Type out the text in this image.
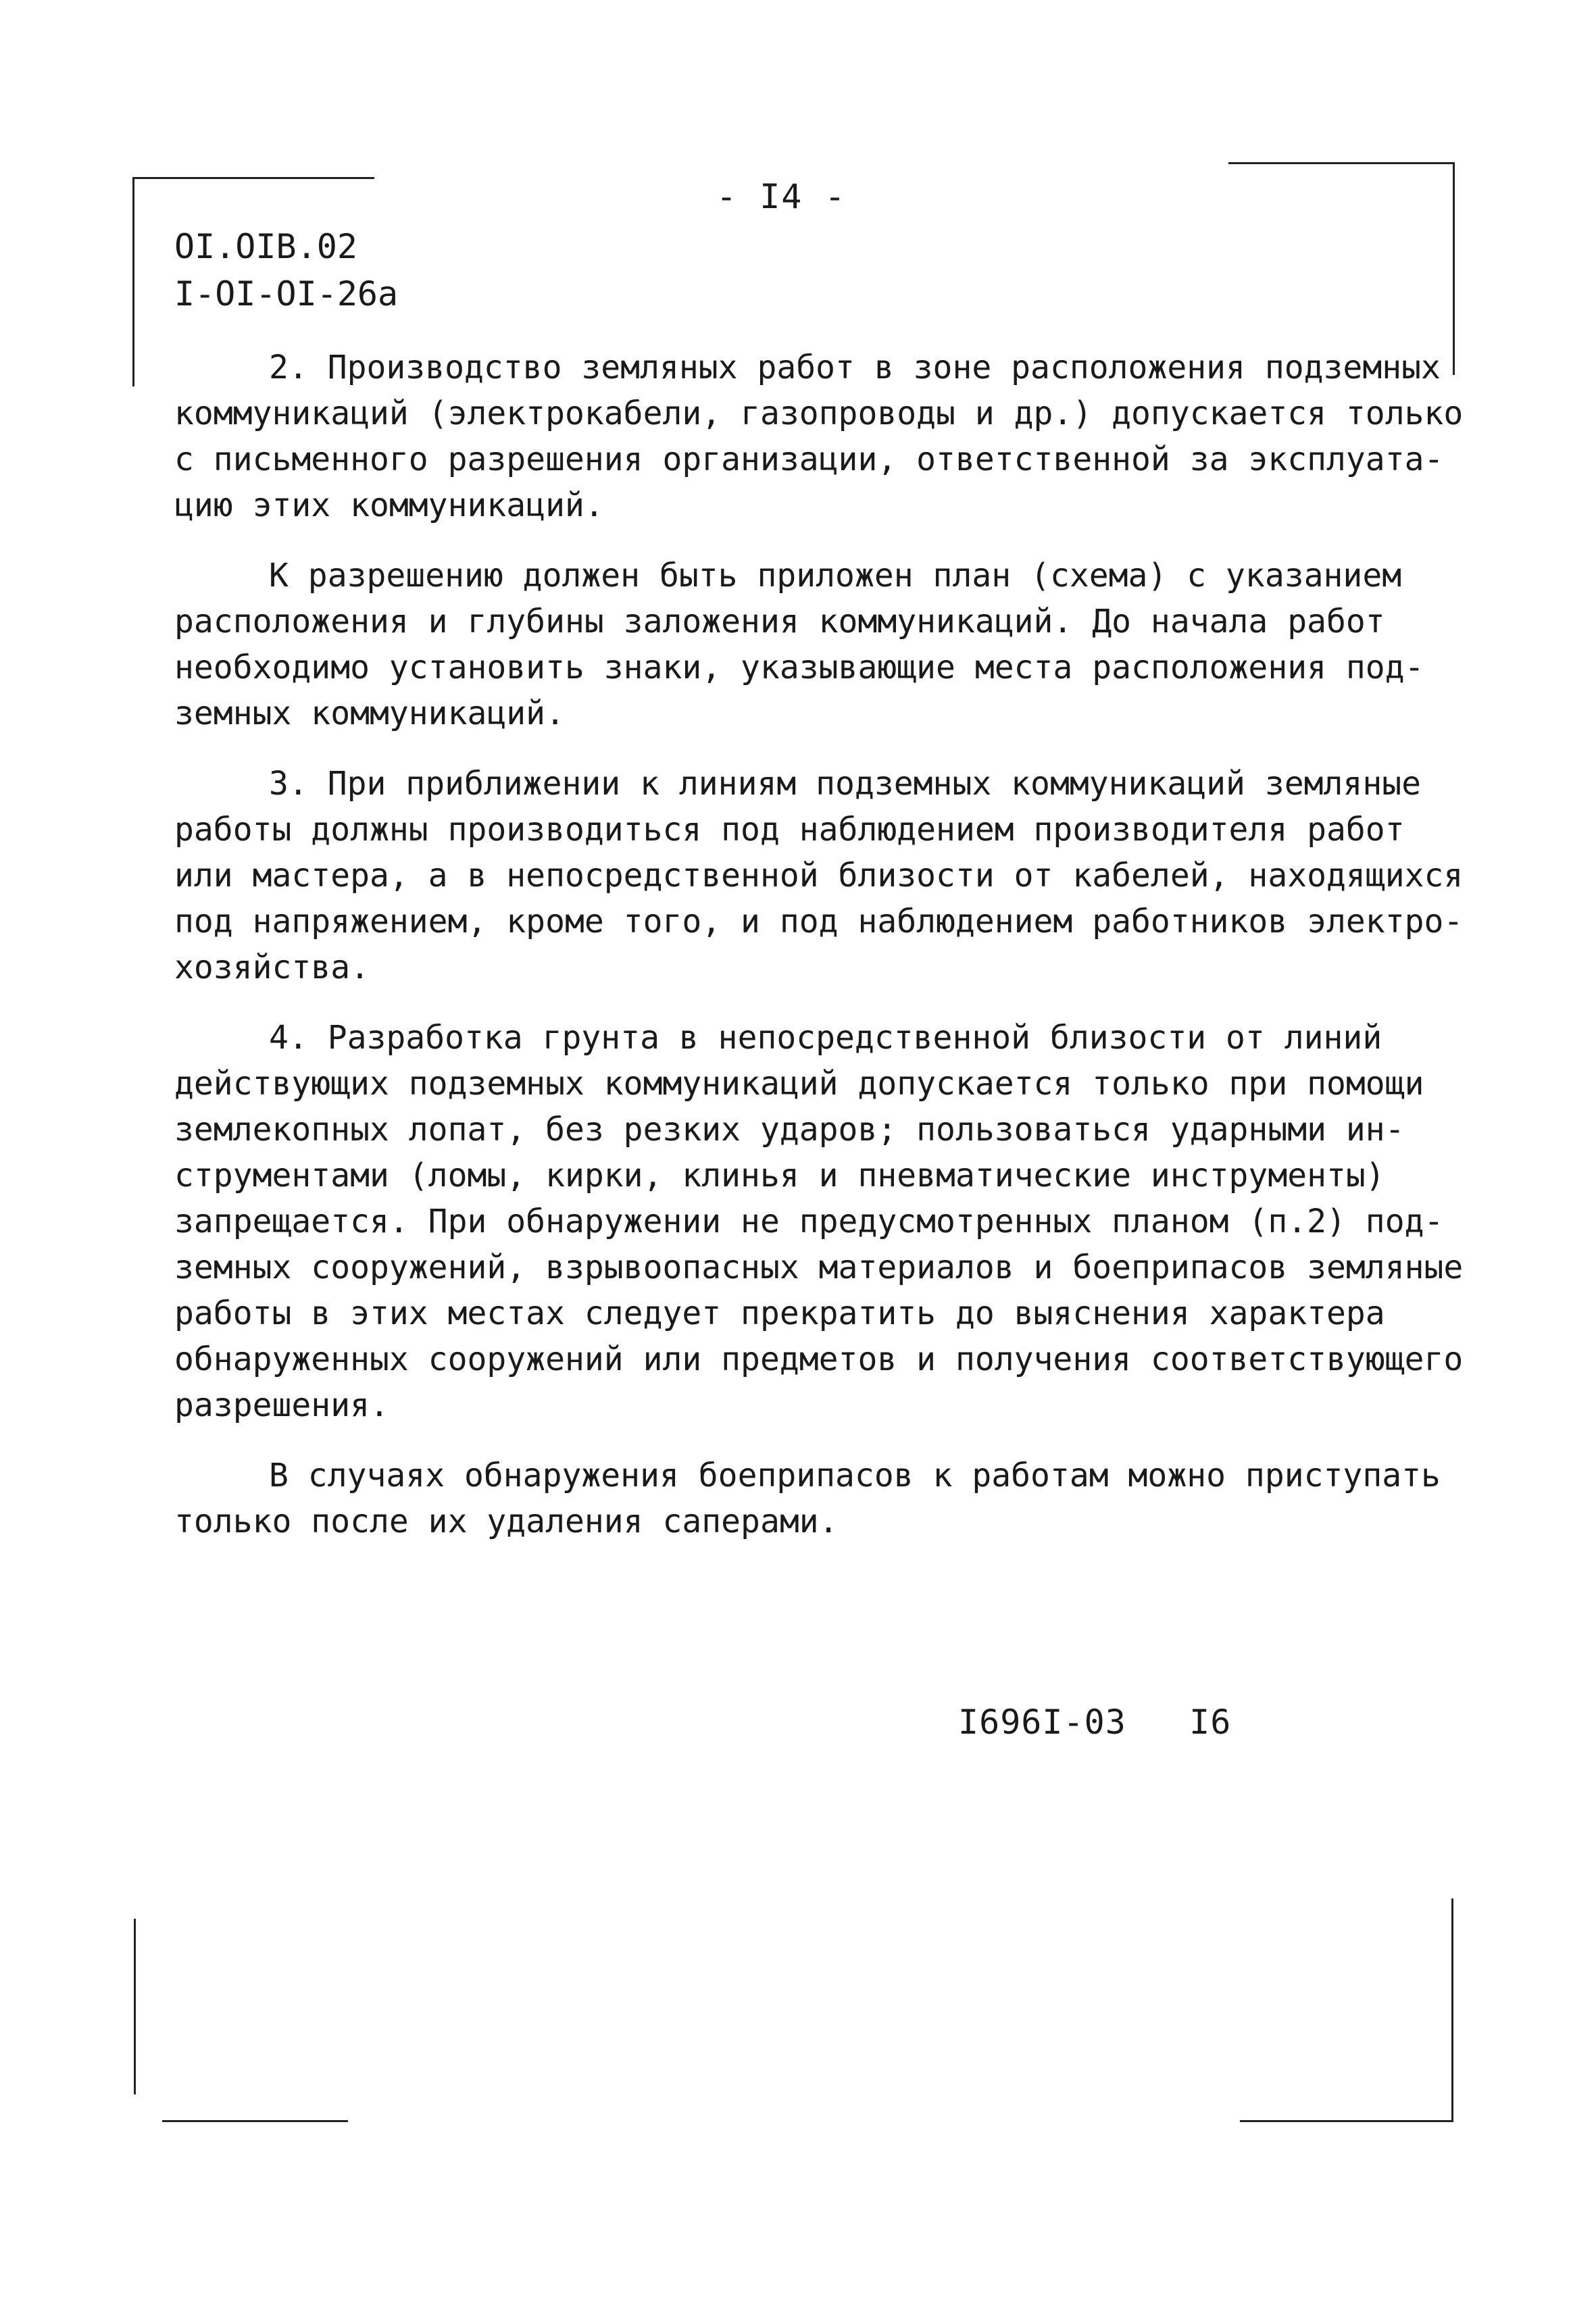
- I4 -
OI.OIB.02
I-OI-OI-26a
2. Производство земляных работ в зоне расположения подземных
коммуникаций (электрокабели, газопроводы и др.) допускается только
с письменного разрешения организации, ответственной за эксплуата-
цию этих коммуникаций.
К разрешению должен быть приложен план (схема) с указанием
расположения и глубины заложения коммуникаций. До начала работ
необходимо установить знаки, указывающие места расположения под-
земных коммуникаций.
3. При приближении к линиям подземных коммуникаций земляные
работы должны производиться под наблюдением производителя работ
или мастера, а в непосредственной близости от кабелей, находящихся
под напряжением, кроме того, и под наблюдением работников электро-
хозяйства.
4. Разработка грунта в непосредственной близости от линий
действующих подземных коммуникаций допускается только при помощи
землекопных лопат, без резких ударов; пользоваться ударными ин-
струментами (ломы, кирки, клинья и пневматические инструменты)
запрещается. При обнаружении не предусмотренных планом (п.2) под-
земных сооружений, взрывоопасных материалов и боеприпасов земляные
работы в этих местах следует прекратить до выяснения характера
обнаруженных сооружений или предметов и получения соответствующего
разрешения.
В случаях обнаружения боеприпасов к работам можно приступать
только после их удаления саперами.
I696I-03 I6
